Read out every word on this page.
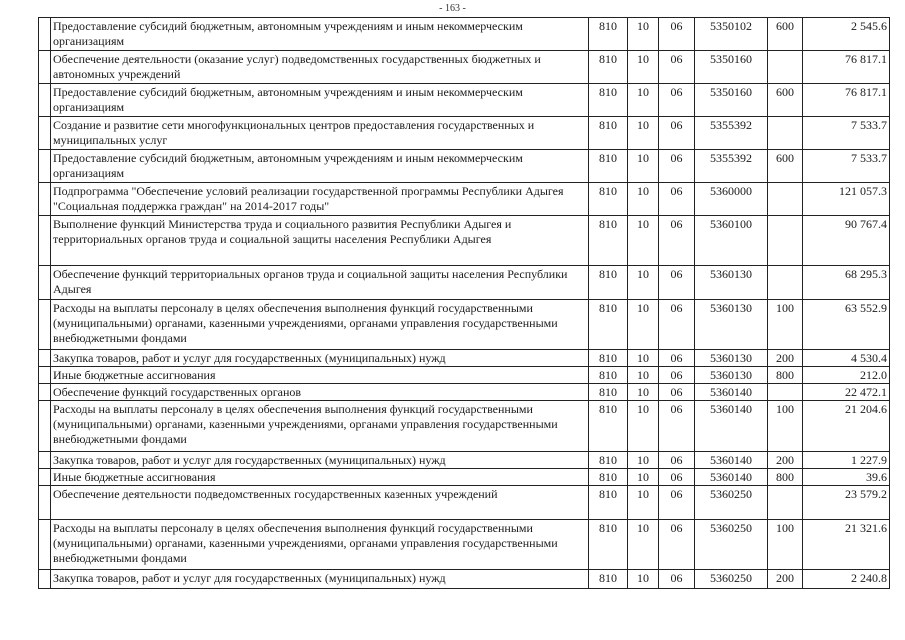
- 163 -
	Предоставление субсидий бюджетным, автономным учреждениям и иным некоммерческим организациям	810	10	06	5350102	600	2 545.6
	Обеспечение деятельности (оказание услуг) подведомственных государственных бюджетных и автономных учреждений	810	10	06	5350160		76 817.1
	Предоставление субсидий бюджетным, автономным учреждениям и иным некоммерческим организациям	810	10	06	5350160	600	76 817.1
	Создание и развитие сети многофункциональных центров предоставления государственных и муниципальных услуг	810	10	06	5355392		7 533.7
	Предоставление субсидий бюджетным, автономным учреждениям и иным некоммерческим организациям	810	10	06	5355392	600	7 533.7
	Подпрограмма "Обеспечение условий реализации государственной программы Республики Адыгея "Социальная поддержка граждан" на 2014-2017 годы"	810	10	06	5360000		121 057.3
	Выполнение функций Министерства труда и социального развития Республики Адыгея и территориальных органов труда и социальной защиты населения Республики Адыгея	810	10	06	5360100		90 767.4
	Обеспечение функций территориальных органов труда и социальной защиты населения Республики Адыгея	810	10	06	5360130		68 295.3
	Расходы на выплаты персоналу в целях обеспечения выполнения функций государственными (муниципальными) органами, казенными учреждениями, органами управления государственными внебюджетными фондами	810	10	06	5360130	100	63 552.9
	Закупка товаров, работ и услуг для государственных (муниципальных) нужд	810	10	06	5360130	200	4 530.4
	Иные бюджетные ассигнования	810	10	06	5360130	800	212.0
	Обеспечение функций государственных органов	810	10	06	5360140		22 472.1
	Расходы на выплаты персоналу в целях обеспечения выполнения функций государственными (муниципальными) органами, казенными учреждениями, органами управления государственными внебюджетными фондами	810	10	06	5360140	100	21 204.6
	Закупка товаров, работ и услуг для государственных (муниципальных) нужд	810	10	06	5360140	200	1 227.9
	Иные бюджетные ассигнования	810	10	06	5360140	800	39.6
	Обеспечение деятельности подведомственных государственных казенных учреждений	810	10	06	5360250		23 579.2
	Расходы на выплаты персоналу в целях обеспечения выполнения функций государственными (муниципальными) органами, казенными учреждениями, органами управления государственными внебюджетными фондами	810	10	06	5360250	100	21 321.6
	Закупка товаров, работ и услуг для государственных (муниципальных) нужд	810	10	06	5360250	200	2 240.8
